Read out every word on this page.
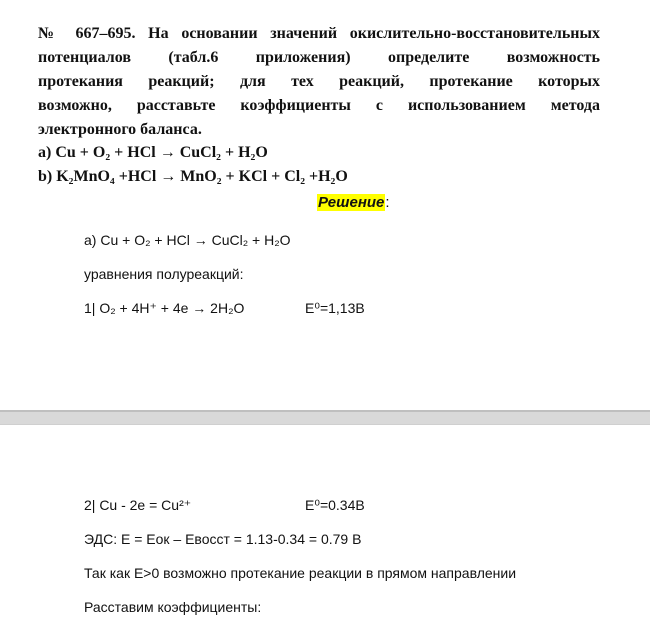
№ 667–695. На основании значений окислительно-восстановительных
потенциалов (табл.6 приложения) определите возможность
протекания реакций; для тех реакций, протекание которых
возможно, расставьте коэффициенты с использованием метода
электронного баланса.
a) Cu + O₂ + HCl → CuCl₂ + H₂O
b) K₂MnO₄ +HCl → MnO₂ + KCl + Cl₂ +H₂O
Решение:
a) Cu + O₂ + HCl → CuCl₂ + H₂O
уравнения полуреакций:
1| O₂ + 4H⁺ + 4e → 2H₂O	E⁰=1,13В
2| Cu - 2e = Cu²⁺	E⁰=0.34В
ЭДС: E = Eок – Eвосст = 1.13-0.34 = 0.79 В
Так как E>0 возможно протекание реакции в прямом направлении
Расставим коэффициенты:
